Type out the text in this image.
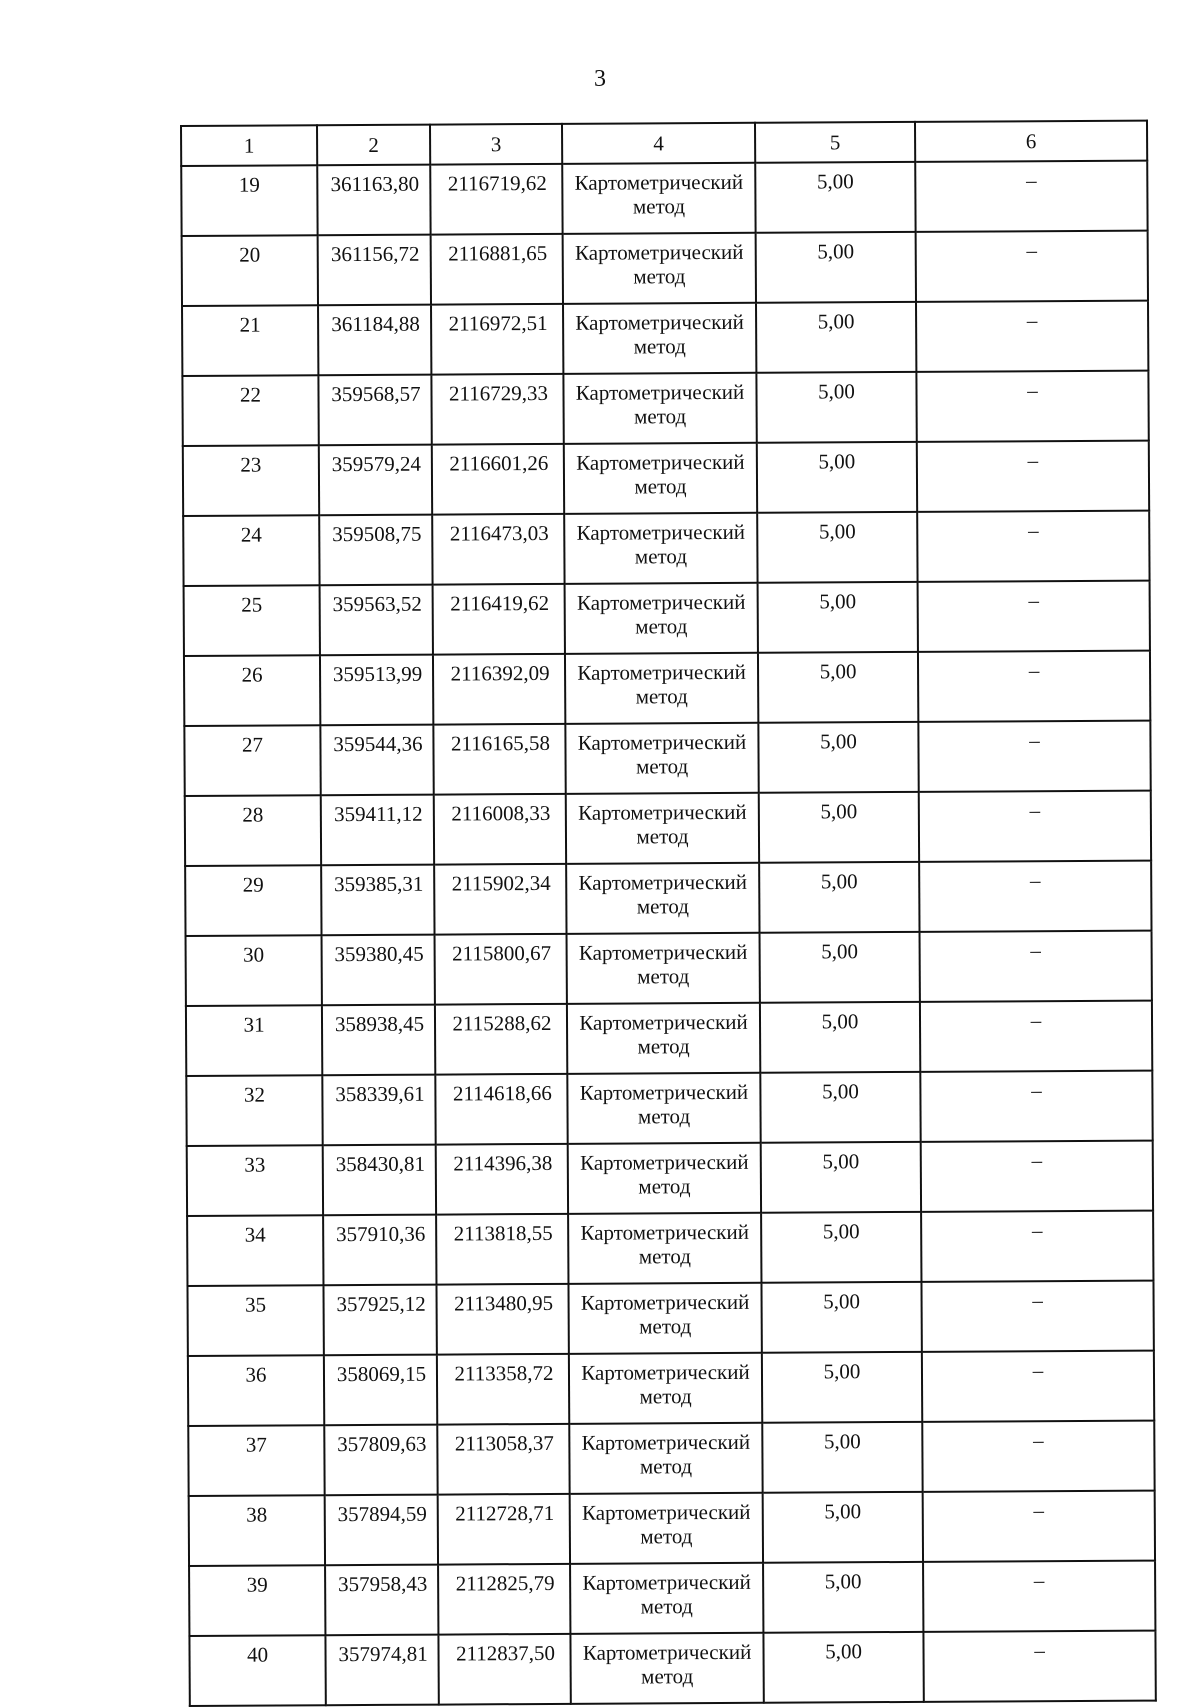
3
1	2	3	4	5	6
19	361163,80	2116719,62	Картометрический метод	5,00	–
20	361156,72	2116881,65	Картометрический метод	5,00	–
21	361184,88	2116972,51	Картометрический метод	5,00	–
22	359568,57	2116729,33	Картометрический метод	5,00	–
23	359579,24	2116601,26	Картометрический метод	5,00	–
24	359508,75	2116473,03	Картометрический метод	5,00	–
25	359563,52	2116419,62	Картометрический метод	5,00	–
26	359513,99	2116392,09	Картометрический метод	5,00	–
27	359544,36	2116165,58	Картометрический метод	5,00	–
28	359411,12	2116008,33	Картометрический метод	5,00	–
29	359385,31	2115902,34	Картометрический метод	5,00	–
30	359380,45	2115800,67	Картометрический метод	5,00	–
31	358938,45	2115288,62	Картометрический метод	5,00	–
32	358339,61	2114618,66	Картометрический метод	5,00	–
33	358430,81	2114396,38	Картометрический метод	5,00	–
34	357910,36	2113818,55	Картометрический метод	5,00	–
35	357925,12	2113480,95	Картометрический метод	5,00	–
36	358069,15	2113358,72	Картометрический метод	5,00	–
37	357809,63	2113058,37	Картометрический метод	5,00	–
38	357894,59	2112728,71	Картометрический метод	5,00	–
39	357958,43	2112825,79	Картометрический метод	5,00	–
40	357974,81	2112837,50	Картометрический метод	5,00	–
